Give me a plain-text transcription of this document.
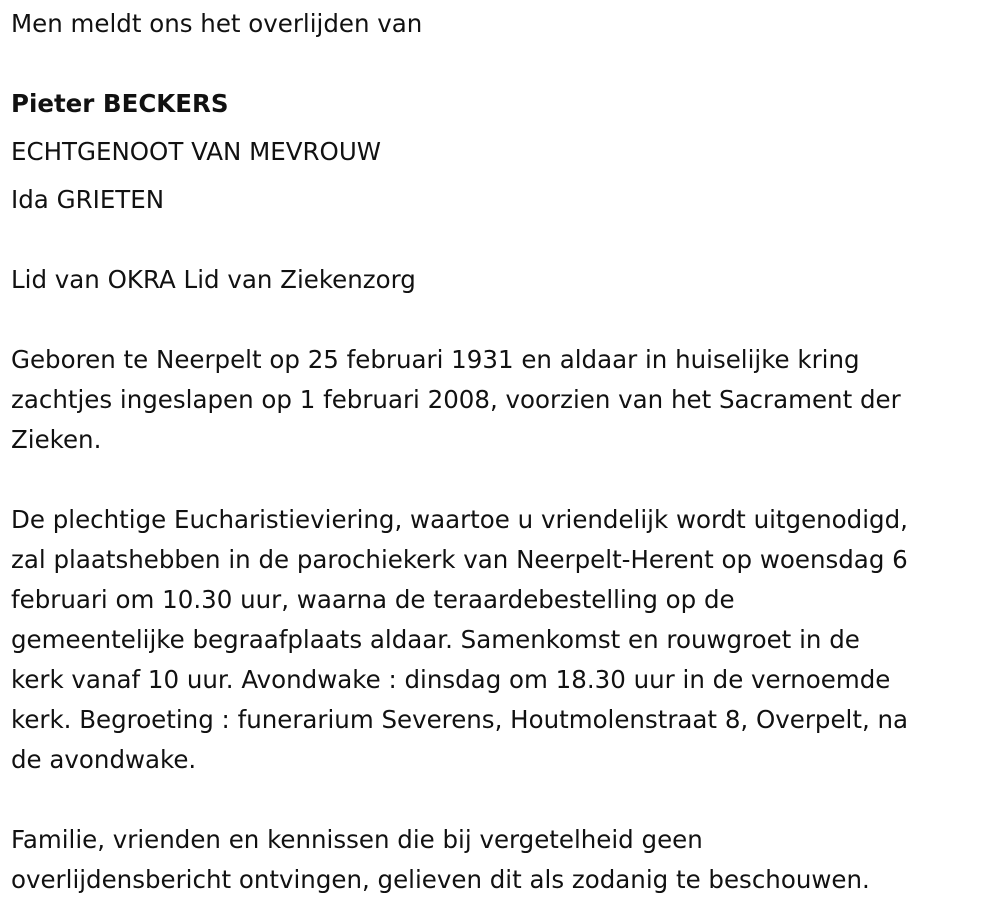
Men meldt ons het overlijden van

Pieter BECKERS

ECHTGENOOT VAN MEVROUW

Ida GRIETEN

Lid van OKRA Lid van Ziekenzorg

Geboren te Neerpelt op 25 februari 1931 en aldaar in huiselijke kring

zachtjes ingeslapen op 1 februari 2008, voorzien van het Sacrament der

Zieken.

De plechtige Eucharistieviering, waartoe u vriendelijk wordt uitgenodigd,

zal plaatshebben in de parochiekerk van Neerpelt-Herent op woensdag 6

februari om 10.30 uur, waarna de teraardebestelling op de

gemeentelijke begraafplaats aldaar. Samenkomst en rouwgroet in de

kerk vanaf 10 uur. Avondwake : dinsdag om 18.30 uur in de vernoemde

kerk. Begroeting : funerarium Severens, Houtmolenstraat 8, Overpelt, na

de avondwake.

Familie, vrienden en kennissen die bij vergetelheid geen

overlijdensbericht ontvingen, gelieven dit als zodanig te beschouwen.
